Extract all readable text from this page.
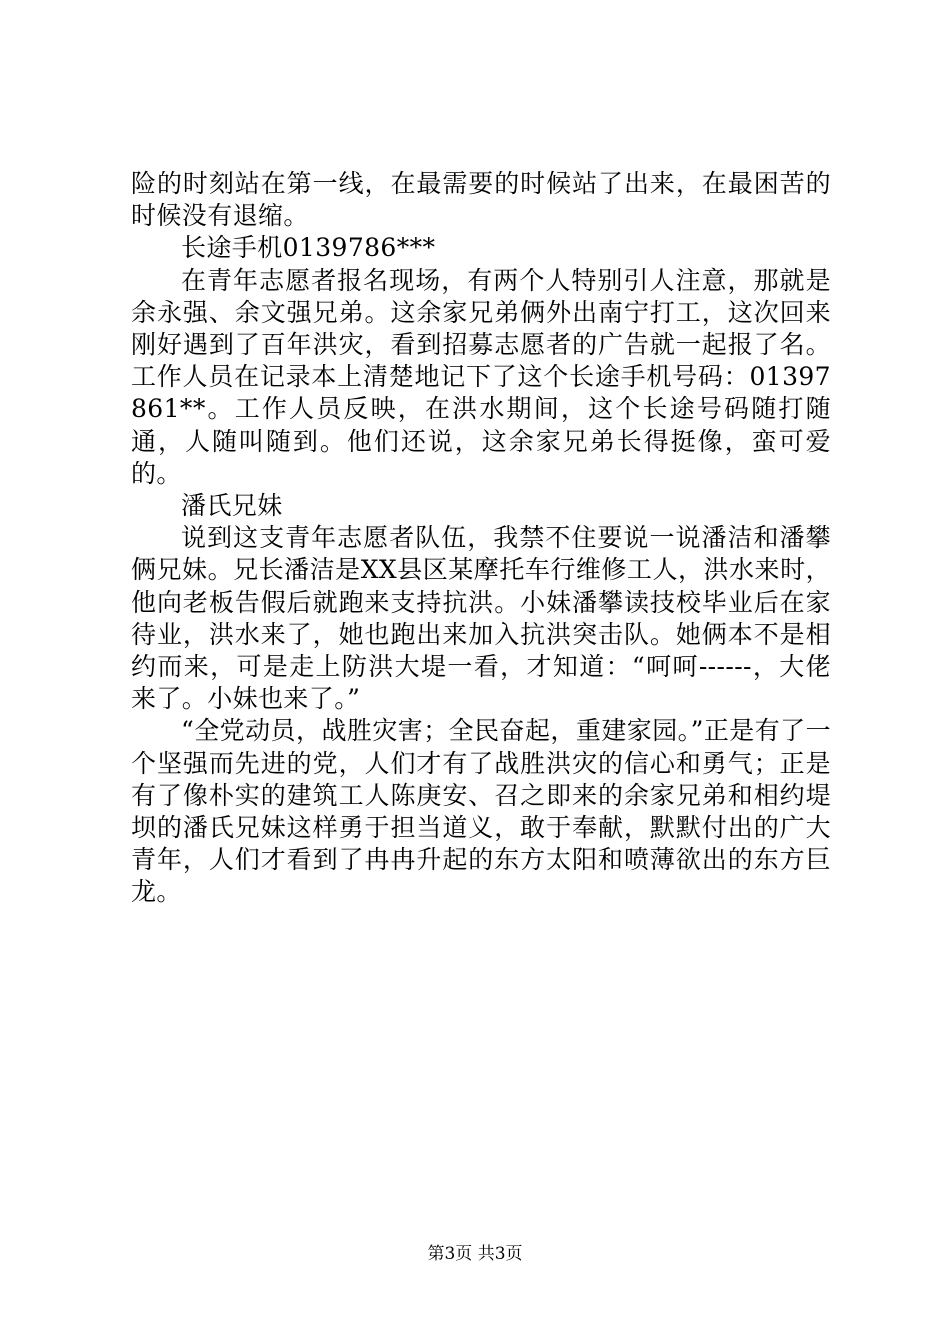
险的时刻站在第一线，在最需要的时候站了出来，在最困苦的时候没有退缩。

长途手机0139786***

在青年志愿者报名现场，有两个人特别引人注意，那就是余永强、余文强兄弟。这余家兄弟俩外出南宁打工，这次回来刚好遇到了百年洪灾，看到招募志愿者的广告就一起报了名。工作人员在记录本上清楚地记下了这个长途手机号码：01397861**。工作人员反映，在洪水期间，这个长途号码随打随通，人随叫随到。他们还说，这余家兄弟长得挺像，蛮可爱的。

潘氏兄妹

说到这支青年志愿者队伍，我禁不住要说一说潘洁和潘攀俩兄妹。兄长潘洁是XX县区某摩托车行维修工人，洪水来时，他向老板告假后就跑来支持抗洪。小妹潘攀读技校毕业后在家待业，洪水来了，她也跑出来加入抗洪突击队。她俩本不是相约而来，可是走上防洪大堤一看，才知道：“呵呵------，大佬来了。小妹也来了。”

“全党动员，战胜灾害；全民奋起，重建家园。”正是有了一个坚强而先进的党，人们才有了战胜洪灾的信心和勇气；正是有了像朴实的建筑工人陈庚安、召之即来的余家兄弟和相约堤坝的潘氏兄妹这样勇于担当道义，敢于奉献，默默付出的广大青年，人们才看到了冉冉升起的东方太阳和喷薄欲出的东方巨龙。

第3页 共3页
